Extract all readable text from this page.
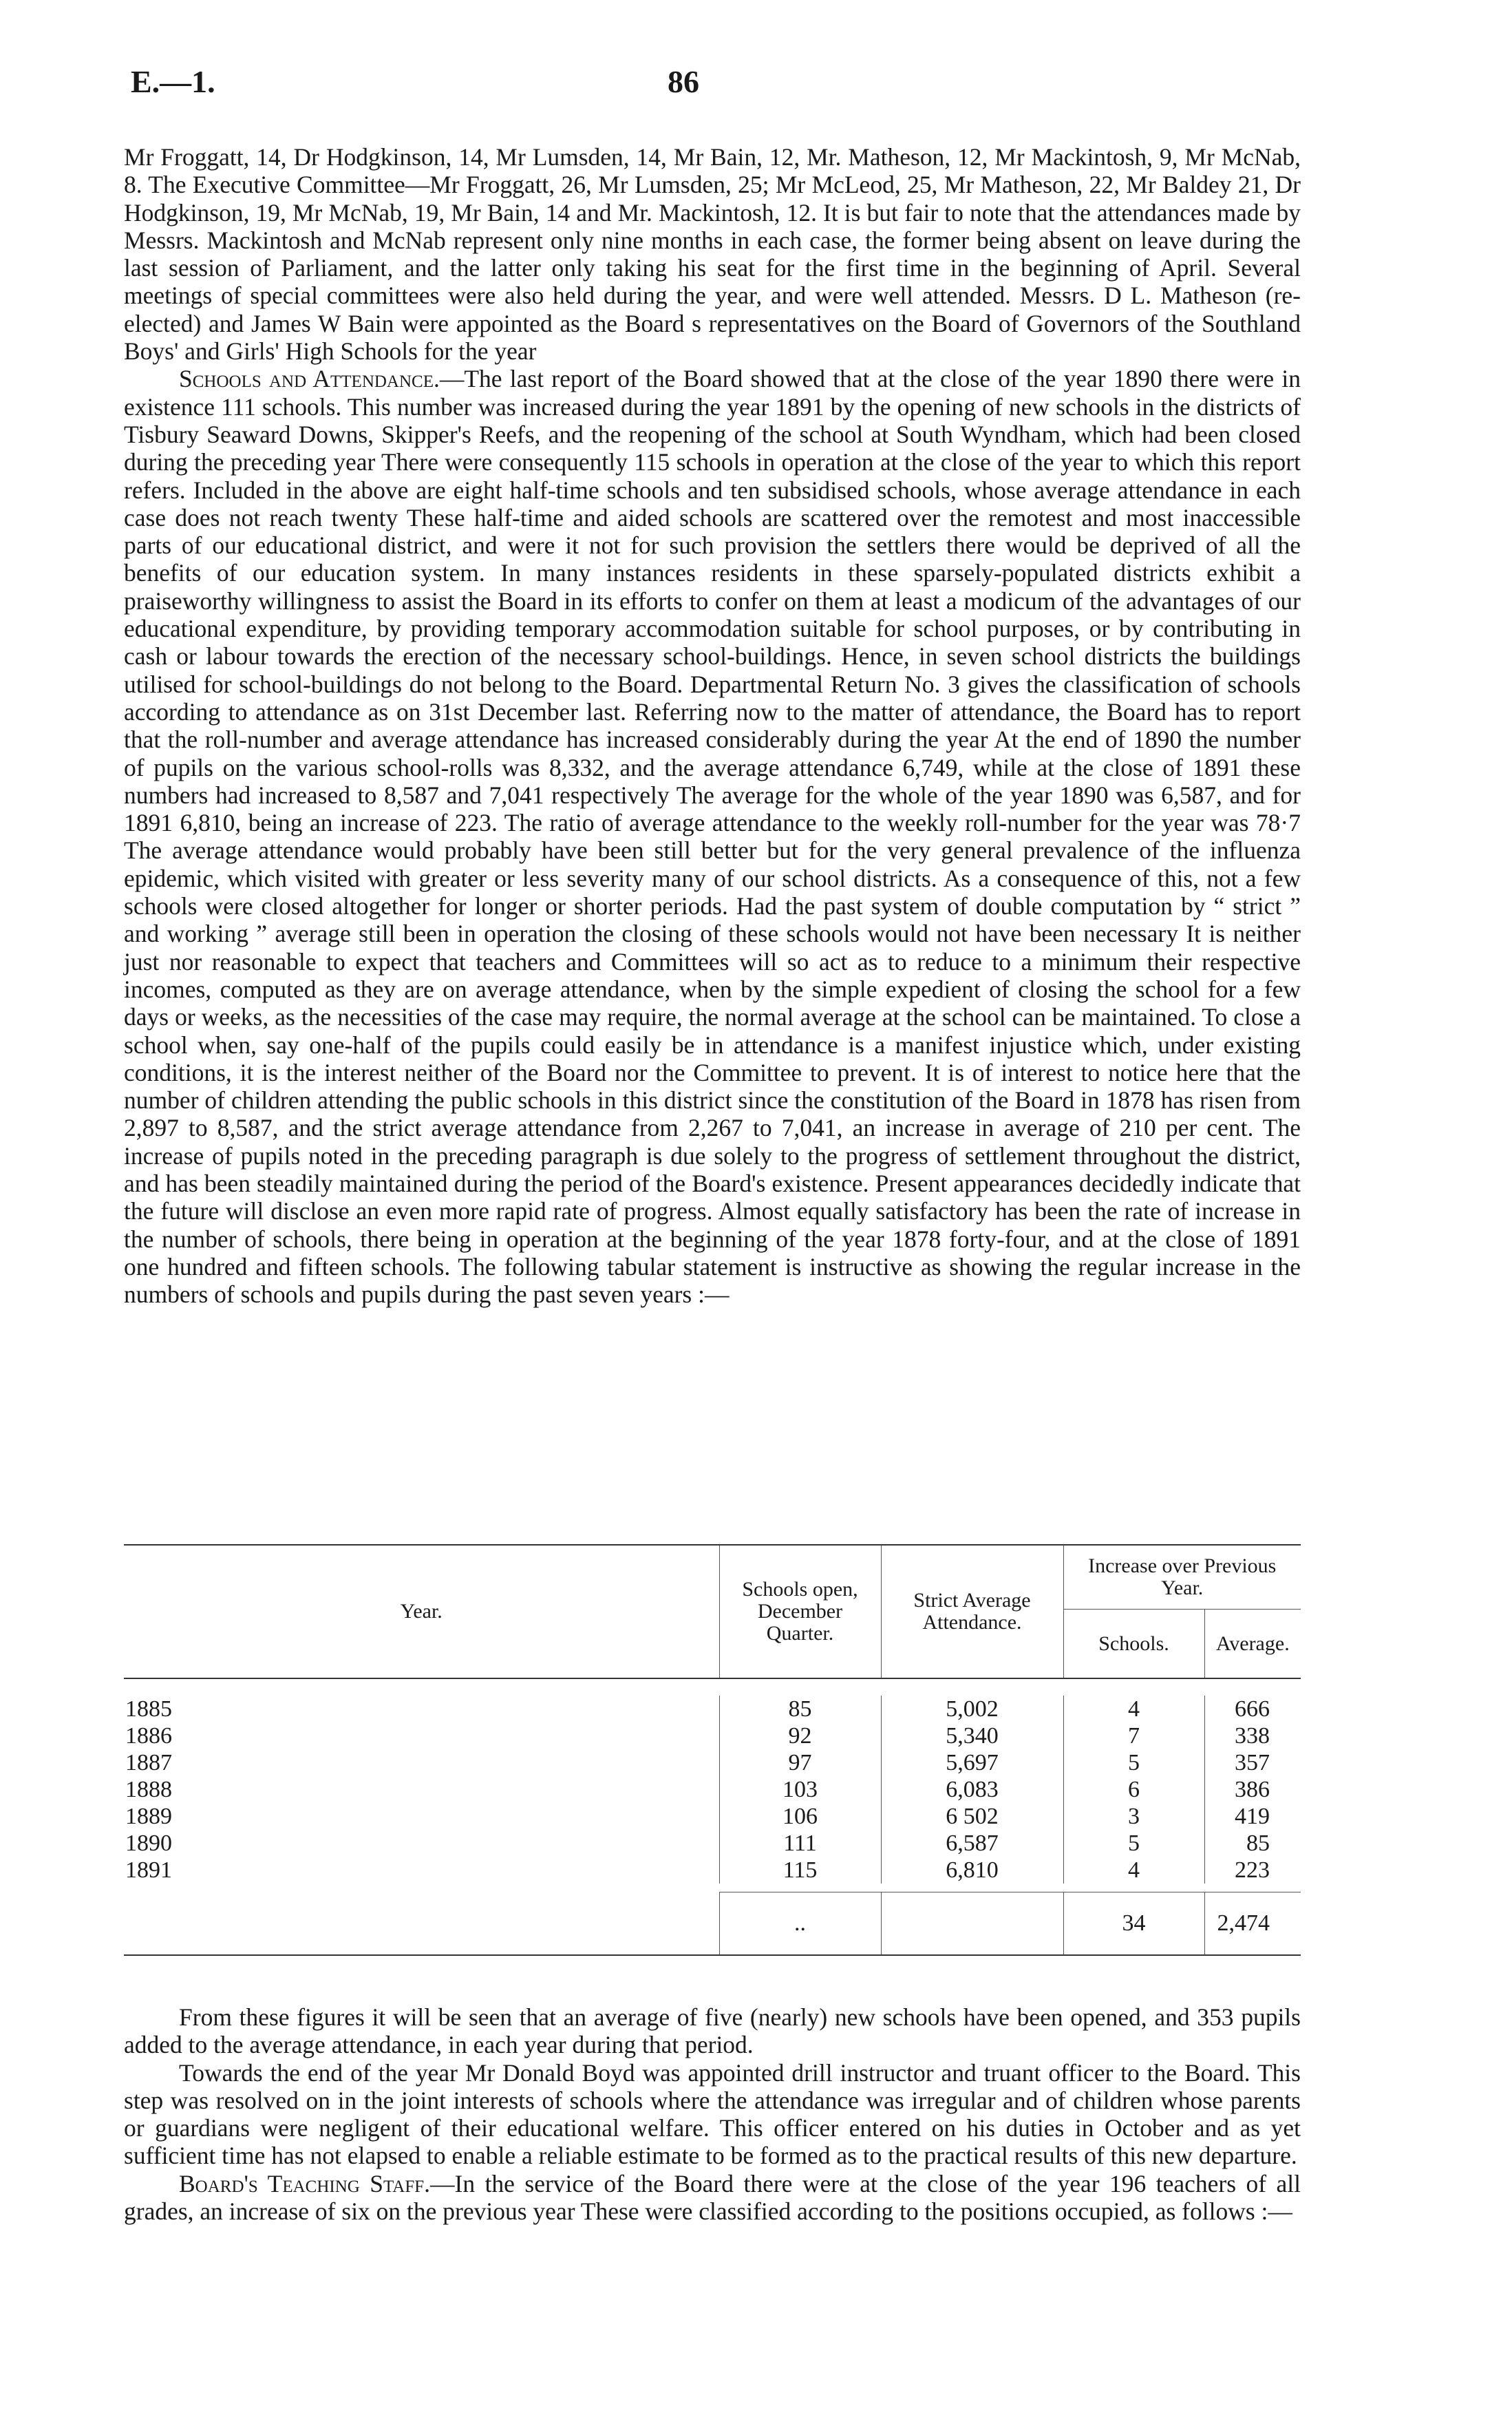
E.—1.	86

Mr Froggatt, 14, Dr Hodgkinson, 14, Mr Lumsden, 14, Mr Bain, 12, Mr. Matheson, 12, Mr Mackintosh, 9, Mr McNab, 8. The Executive Committee—Mr Froggatt, 26, Mr Lumsden, 25; Mr McLeod, 25, Mr Matheson, 22, Mr Baldey 21, Dr Hodgkinson, 19, Mr McNab, 19, Mr Bain, 14 and Mr. Mackintosh, 12. It is but fair to note that the attendances made by Messrs. Mackintosh and McNab represent only nine months in each case, the former being absent on leave during the last session of Parliament, and the latter only taking his seat for the first time in the beginning of April. Several meetings of special committees were also held during the year, and were well attended. Messrs. D L. Matheson (re-elected) and James W Bain were appointed as the Board s representatives on the Board of Governors of the Southland Boys' and Girls' High Schools for the year

Schools and Attendance.—The last report of the Board showed that at the close of the year 1890 there were in existence 111 schools. This number was increased during the year 1891 by the opening of new schools in the districts of Tisbury Seaward Downs, Skipper's Reefs, and the reopening of the school at South Wyndham, which had been closed during the preceding year There were consequently 115 schools in operation at the close of the year to which this report refers. Included in the above are eight half-time schools and ten subsidised schools, whose average attendance in each case does not reach twenty These half-time and aided schools are scattered over the remotest and most inaccessible parts of our educational district, and were it not for such provision the settlers there would be deprived of all the benefits of our education system. In many instances residents in these sparsely-populated districts exhibit a praiseworthy willingness to assist the Board in its efforts to confer on them at least a modicum of the advantages of our educational expenditure, by providing temporary accommodation suitable for school purposes, or by contributing in cash or labour towards the erection of the necessary school-buildings. Hence, in seven school districts the buildings utilised for school-buildings do not belong to the Board. Departmental Return No. 3 gives the classification of schools according to attendance as on 31st December last. Referring now to the matter of attendance, the Board has to report that the roll-number and average attendance has increased considerably during the year At the end of 1890 the number of pupils on the various school-rolls was 8,332, and the average attendance 6,749, while at the close of 1891 these numbers had increased to 8,587 and 7,041 respectively The average for the whole of the year 1890 was 6,587, and for 1891 6,810, being an increase of 223. The ratio of average attendance to the weekly roll-number for the year was 78·7 The average attendance would probably have been still better but for the very general prevalence of the influenza epidemic, which visited with greater or less severity many of our school districts. As a consequence of this, not a few schools were closed altogether for longer or shorter periods. Had the past system of double computation by “ strict ” and working ” average still been in operation the closing of these schools would not have been necessary It is neither just nor reasonable to expect that teachers and Committees will so act as to reduce to a minimum their respective incomes, computed as they are on average attendance, when by the simple expedient of closing the school for a few days or weeks, as the necessities of the case may require, the normal average at the school can be maintained. To close a school when, say one-half of the pupils could easily be in attendance is a manifest injustice which, under existing conditions, it is the interest neither of the Board nor the Committee to prevent. It is of interest to notice here that the number of children attending the public schools in this district since the constitution of the Board in 1878 has risen from 2,897 to 8,587, and the strict average attendance from 2,267 to 7,041, an increase in average of 210 per cent. The increase of pupils noted in the preceding paragraph is due solely to the progress of settlement throughout the district, and has been steadily maintained during the period of the Board's existence. Present appearances decidedly indicate that the future will disclose an even more rapid rate of progress. Almost equally satisfactory has been the rate of increase in the number of schools, there being in operation at the beginning of the year 1878 forty-four, and at the close of 1891 one hundred and fifteen schools. The following tabular statement is instructive as showing the regular increase in the numbers of schools and pupils during the past seven years :—

Year.	Schools open, December Quarter.	Strict Average Attendance.	Increase over Previous Year.	
			Schools.	Average.

1885	85	5,002	4	666
1886	92	5,340	7	338
1887	97	5,697	5	357
1888	103	6,083	6	386
1889	106	6 502	3	419
1890	111	6,587	5	85
1891	115	6,810	4	223

	..		34	2,474

From these figures it will be seen that an average of five (nearly) new schools have been opened, and 353 pupils added to the average attendance, in each year during that period.

Towards the end of the year Mr Donald Boyd was appointed drill instructor and truant officer to the Board. This step was resolved on in the joint interests of schools where the attendance was irregular and of children whose parents or guardians were negligent of their educational welfare. This officer entered on his duties in October and as yet sufficient time has not elapsed to enable a reliable estimate to be formed as to the practical results of this new departure.

Board's Teaching Staff.—In the service of the Board there were at the close of the year 196 teachers of all grades, an increase of six on the previous year These were classified according to the positions occupied, as follows :—
